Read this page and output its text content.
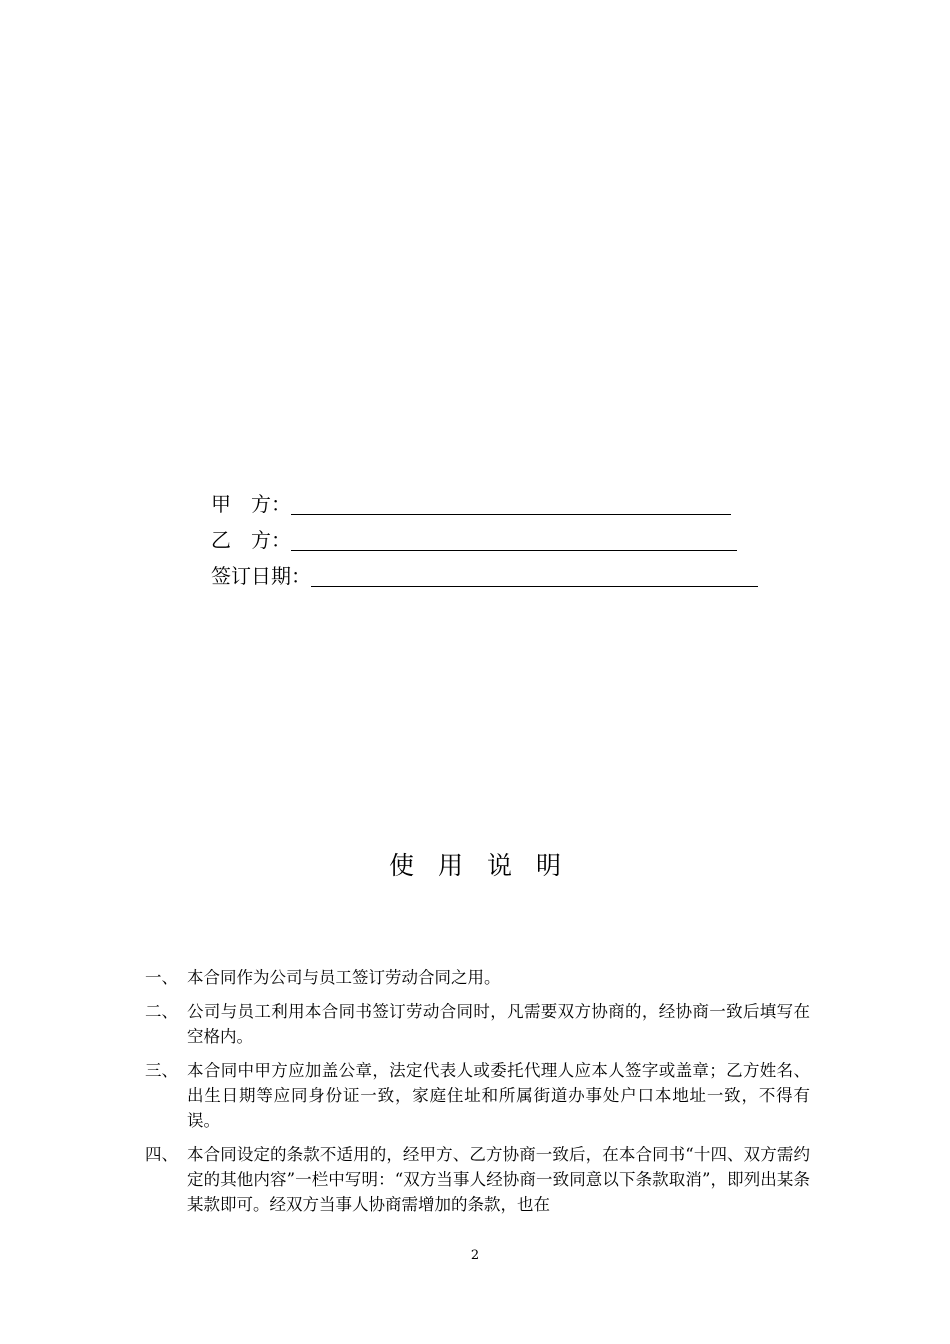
甲　方：
乙　方：
签订日期：
使 用 说 明
一、 本合同作为公司与员工签订劳动合同之用。
二、 公司与员工利用本合同书签订劳动合同时，凡需要双方协商的，经协商一致后填写在空格内。
三、 本合同中甲方应加盖公章，法定代表人或委托代理人应本人签字或盖章；乙方姓名、出生日期等应同身份证一致，家庭住址和所属街道办事处户口本地址一致，不得有误。
四、 本合同设定的条款不适用的，经甲方、乙方协商一致后，在本合同书“十四、双方需约定的其他内容”一栏中写明：“双方当事人经协商一致同意以下条款取消”，即列出某条某款即可。经双方当事人协商需增加的条款，也在
2
